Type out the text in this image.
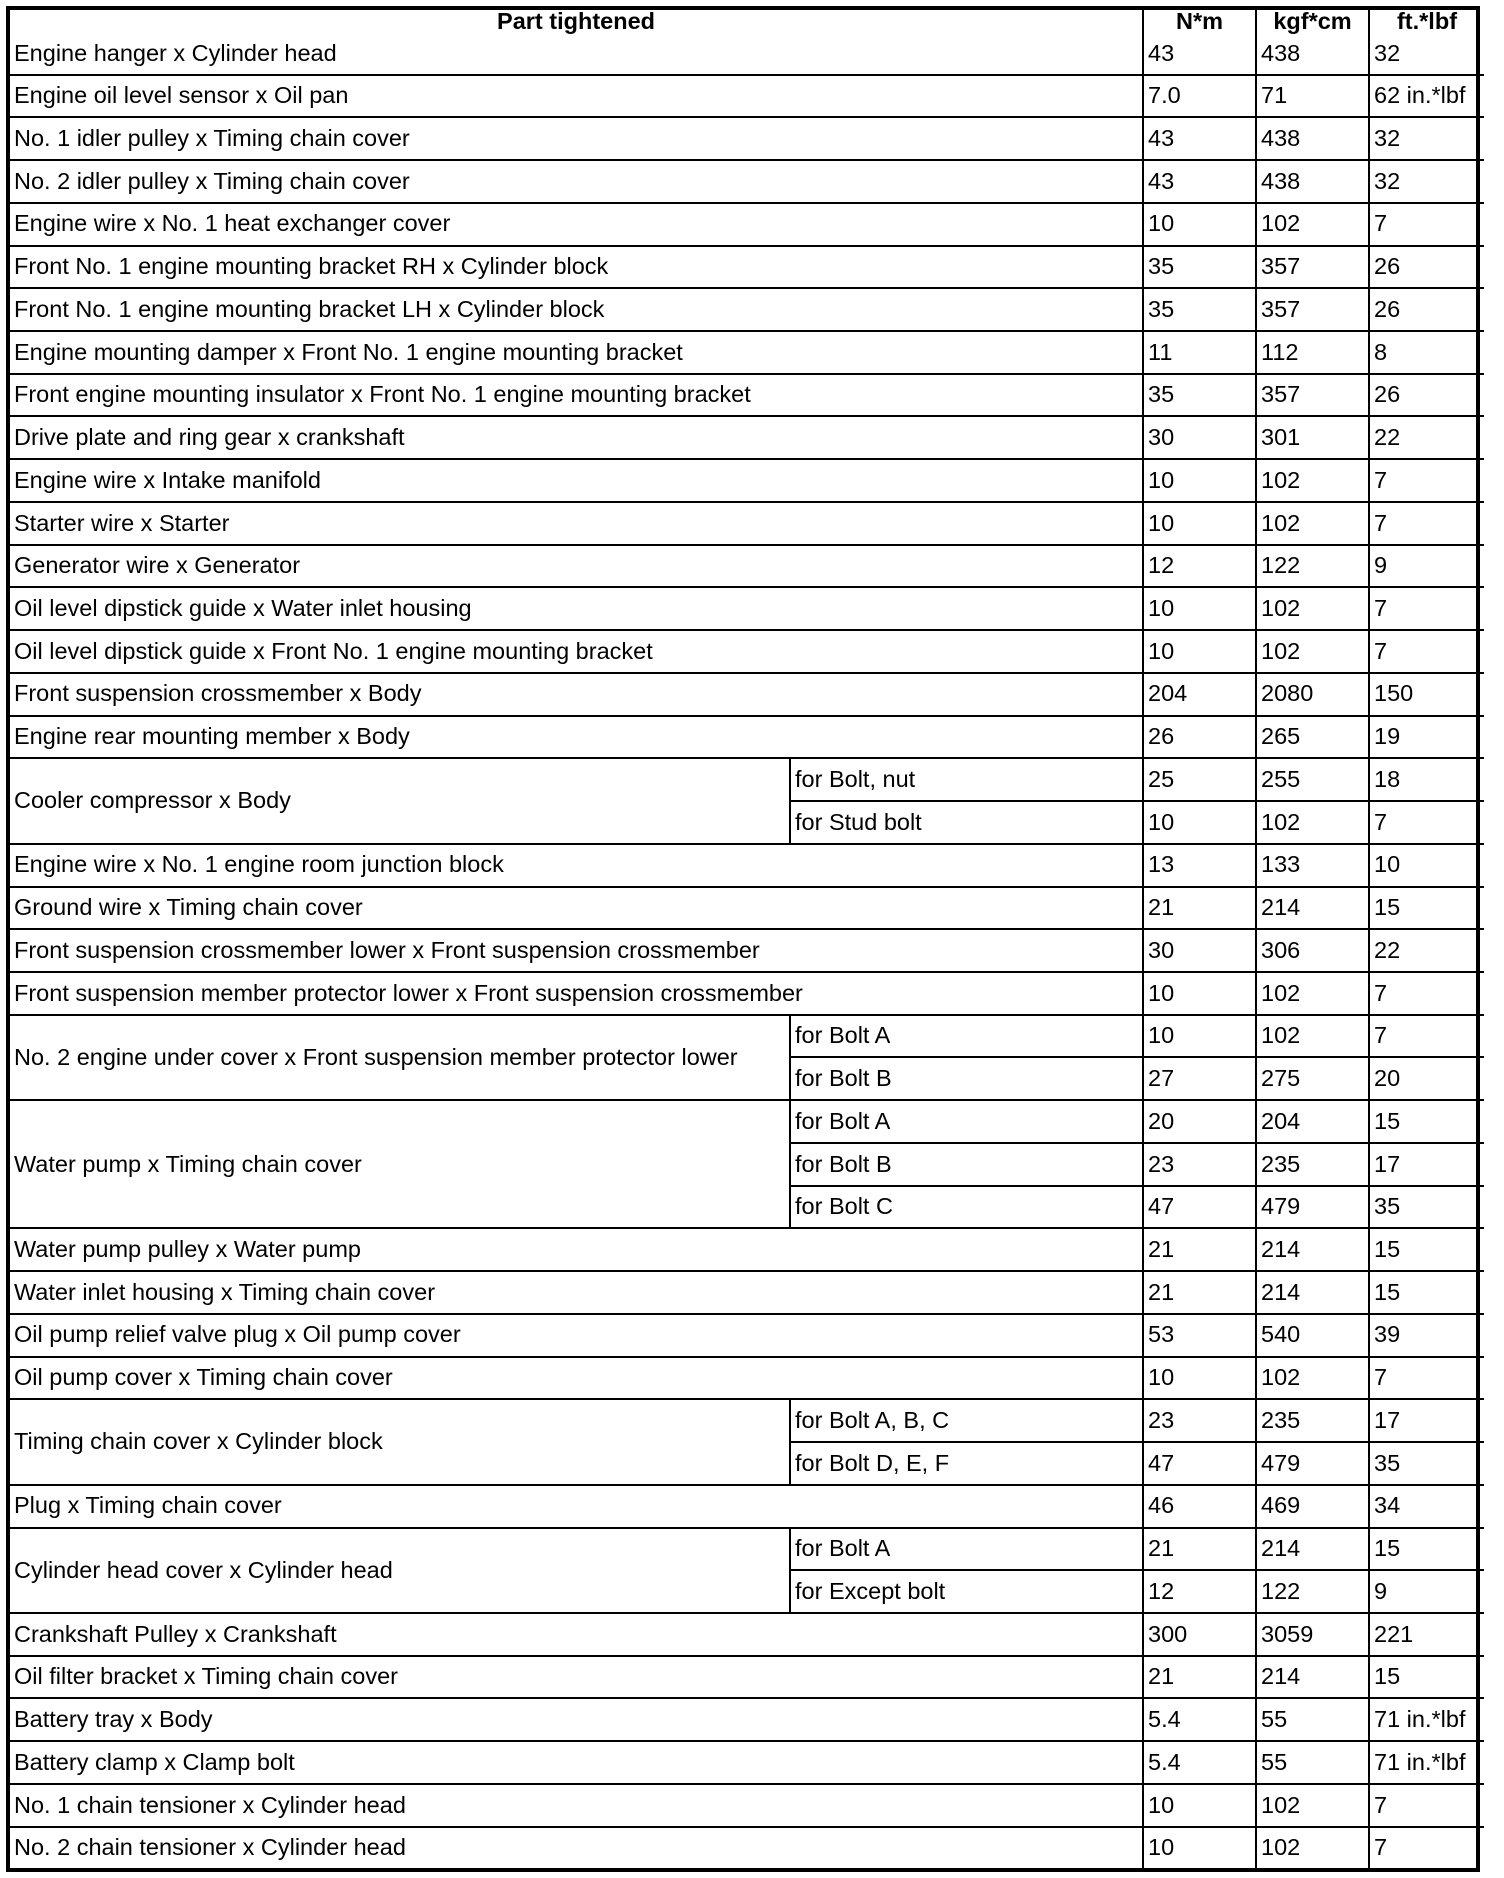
Part tightened		N*m	kgf*cm	ft.*lbf
Engine hanger x Cylinder head		43	438	32
Engine oil level sensor x Oil pan		7.0	71	62 in.*lbf
No. 1 idler pulley x Timing chain cover		43	438	32
No. 2 idler pulley x Timing chain cover		43	438	32
Engine wire x No. 1 heat exchanger cover		10	102	7
Front No. 1 engine mounting bracket RH x Cylinder block		35	357	26
Front No. 1 engine mounting bracket LH x Cylinder block		35	357	26
Engine mounting damper x Front No. 1 engine mounting bracket		11	112	8
Front engine mounting insulator x Front No. 1 engine mounting bracket		35	357	26
Drive plate and ring gear x crankshaft		30	301	22
Engine wire x Intake manifold		10	102	7
Starter wire x Starter		10	102	7
Generator wire x Generator		12	122	9
Oil level dipstick guide x Water inlet housing		10	102	7
Oil level dipstick guide x Front No. 1 engine mounting bracket		10	102	7
Front suspension crossmember x Body		204	2080	150
Engine rear mounting member x Body		26	265	19
Cooler compressor x Body	for Bolt, nut	25	255	18
	for Stud bolt	10	102	7
Engine wire x No. 1 engine room junction block		13	133	10
Ground wire x Timing chain cover		21	214	15
Front suspension crossmember lower x Front suspension crossmember		30	306	22
Front suspension member protector lower x Front suspension crossmember		10	102	7
No. 2 engine under cover x Front suspension member protector lower	for Bolt A	10	102	7
	for Bolt B	27	275	20
Water pump x Timing chain cover	for Bolt A	20	204	15
	for Bolt B	23	235	17
	for Bolt C	47	479	35
Water pump pulley x Water pump		21	214	15
Water inlet housing x Timing chain cover		21	214	15
Oil pump relief valve plug x Oil pump cover		53	540	39
Oil pump cover x Timing chain cover		10	102	7
Timing chain cover x Cylinder block	for Bolt A, B, C	23	235	17
	for Bolt D, E, F	47	479	35
Plug x Timing chain cover		46	469	34
Cylinder head cover x Cylinder head	for Bolt A	21	214	15
	for Except bolt	12	122	9
Crankshaft Pulley x Crankshaft		300	3059	221
Oil filter bracket x Timing chain cover		21	214	15
Battery tray x Body		5.4	55	71 in.*lbf
Battery clamp x Clamp bolt		5.4	55	71 in.*lbf
No. 1 chain tensioner x Cylinder head		10	102	7
No. 2 chain tensioner x Cylinder head		10	102	7
